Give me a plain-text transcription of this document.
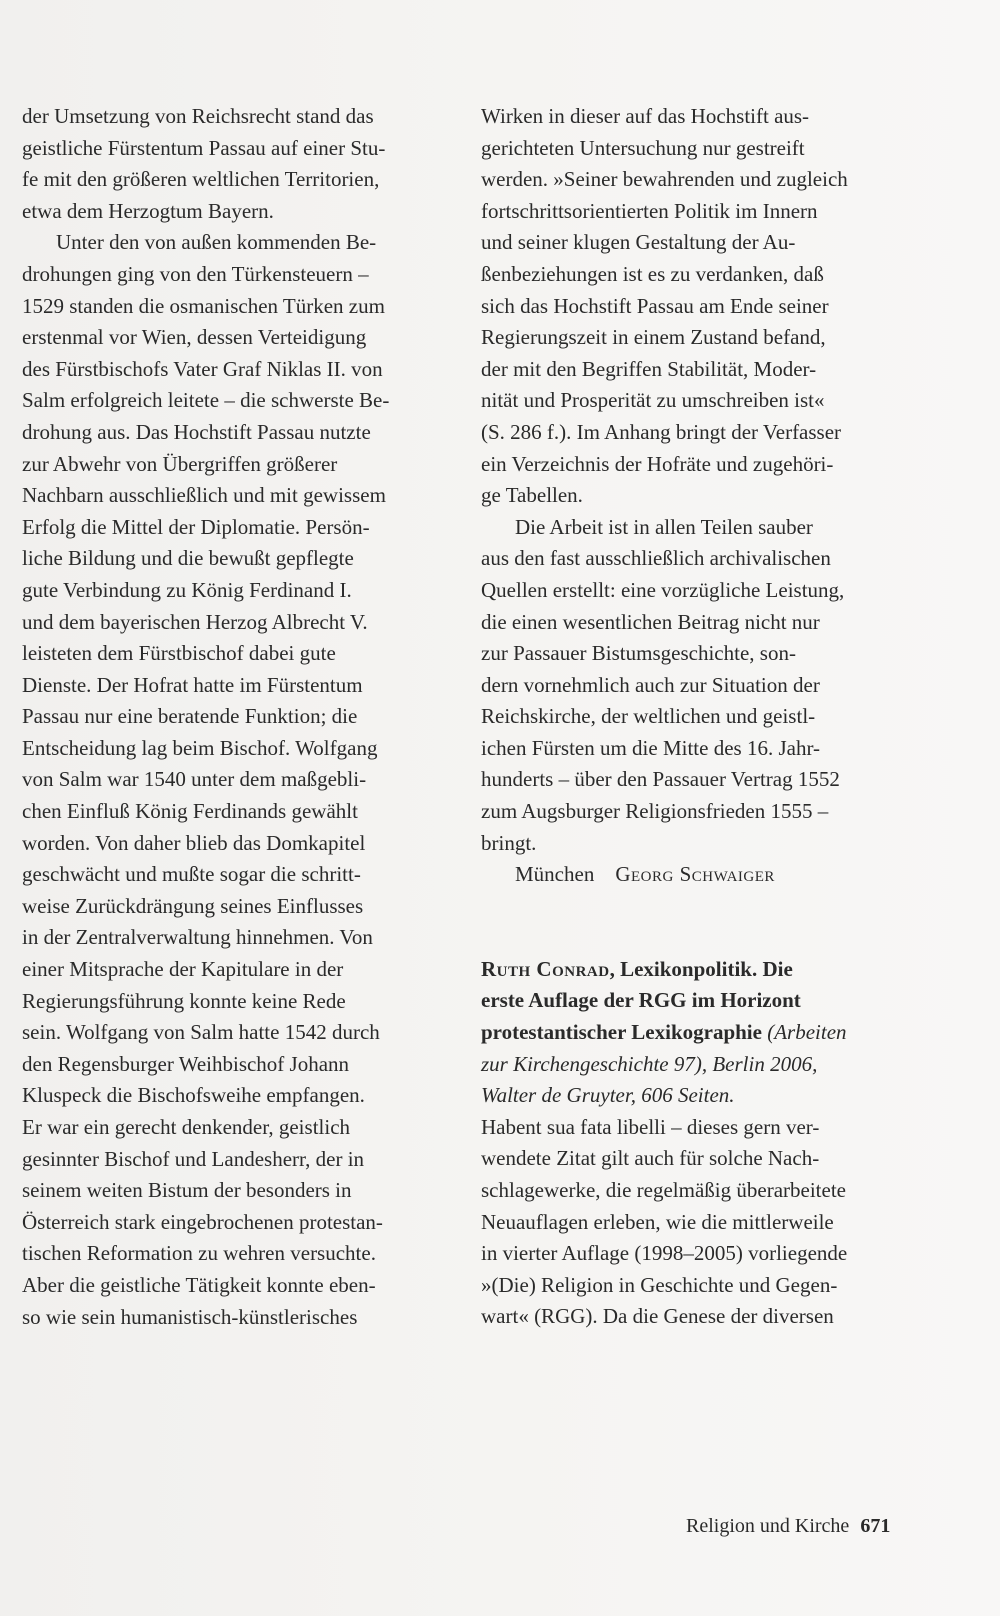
der Umsetzung von Reichsrecht stand das
geistliche Fürstentum Passau auf einer Stu-
fe mit den größeren weltlichen Territorien,
etwa dem Herzogtum Bayern.
Unter den von außen kommenden Be-
drohungen ging von den Türkensteuern –
1529 standen die osmanischen Türken zum
erstenmal vor Wien, dessen Verteidigung
des Fürstbischofs Vater Graf Niklas II. von
Salm erfolgreich leitete – die schwerste Be-
drohung aus. Das Hochstift Passau nutzte
zur Abwehr von Übergriffen größerer
Nachbarn ausschließlich und mit gewissem
Erfolg die Mittel der Diplomatie. Persön-
liche Bildung und die bewußt gepflegte
gute Verbindung zu König Ferdinand I.
und dem bayerischen Herzog Albrecht V.
leisteten dem Fürstbischof dabei gute
Dienste. Der Hofrat hatte im Fürstentum
Passau nur eine beratende Funktion; die
Entscheidung lag beim Bischof. Wolfgang
von Salm war 1540 unter dem maßgebli-
chen Einfluß König Ferdinands gewählt
worden. Von daher blieb das Domkapitel
geschwächt und mußte sogar die schritt-
weise Zurückdrängung seines Einflusses
in der Zentralverwaltung hinnehmen. Von
einer Mitsprache der Kapitulare in der
Regierungsführung konnte keine Rede
sein. Wolfgang von Salm hatte 1542 durch
den Regensburger Weihbischof Johann
Kluspeck die Bischofsweihe empfangen.
Er war ein gerecht denkender, geistlich
gesinnter Bischof und Landesherr, der in
seinem weiten Bistum der besonders in
Österreich stark eingebrochenen protestan-
tischen Reformation zu wehren versuchte.
Aber die geistliche Tätigkeit konnte eben-
so wie sein humanistisch-künstlerisches
Wirken in dieser auf das Hochstift aus-
gerichteten Untersuchung nur gestreift
werden. »Seiner bewahrenden und zugleich
fortschrittsorientierten Politik im Innern
und seiner klugen Gestaltung der Au-
ßenbeziehungen ist es zu verdanken, daß
sich das Hochstift Passau am Ende seiner
Regierungszeit in einem Zustand befand,
der mit den Begriffen Stabilität, Moder-
nität und Prosperität zu umschreiben ist«
(S. 286 f.). Im Anhang bringt der Verfasser
ein Verzeichnis der Hofräte und zugehöri-
ge Tabellen.
Die Arbeit ist in allen Teilen sauber
aus den fast ausschließlich archivalischen
Quellen erstellt: eine vorzügliche Leistung,
die einen wesentlichen Beitrag nicht nur
zur Passauer Bistumsgeschichte, son-
dern vornehmlich auch zur Situation der
Reichskirche, der weltlichen und geistl-
ichen Fürsten um die Mitte des 16. Jahr-
hunderts – über den Passauer Vertrag 1552
zum Augsburger Religionsfrieden 1555 –
bringt.
München Georg Schwaiger
Ruth Conrad, Lexikonpolitik. Die
erste Auflage der RGG im Horizont
protestantischer Lexikographie (Arbeiten
zur Kirchengeschichte 97), Berlin 2006,
Walter de Gruyter, 606 Seiten.
Habent sua fata libelli – dieses gern ver-
wendete Zitat gilt auch für solche Nach-
schlagewerke, die regelmäßig überarbeitete
Neuauflagen erleben, wie die mittlerweile
in vierter Auflage (1998–2005) vorliegende
»(Die) Religion in Geschichte und Gegen-
wart« (RGG). Da die Genese der diversen
Religion und Kirche 671
